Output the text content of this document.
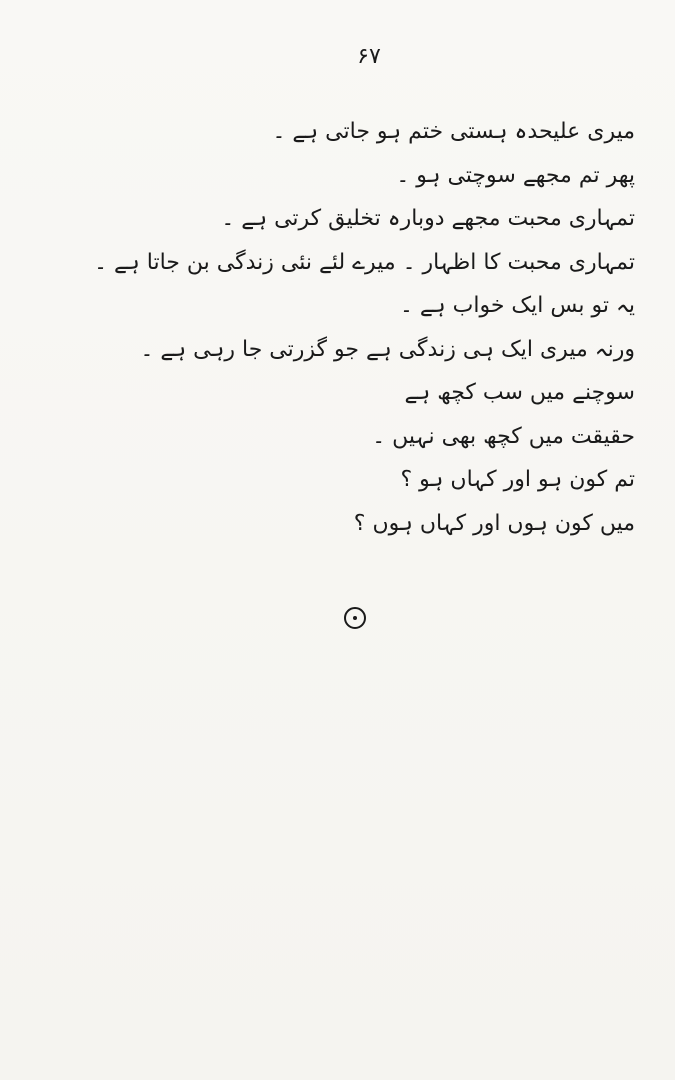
۶۷
میری علیحدہ ہستی ختم ہو جاتی ہے ۔
پھر تم مجھے سوچتی ہو ۔
تمہاری محبت مجھے دوبارہ تخلیق کرتی ہے ۔
تمہاری محبت کا اظہار ۔ میرے لئے نئی زندگی بن جاتا ہے ۔
یہ تو بس ایک خواب ہے ۔
ورنہ میری ایک ہی زندگی ہے جو گزرتی جا رہی ہے ۔
سوچنے میں سب کچھ ہے
حقیقت میں کچھ بھی نہیں ۔
تم کون ہو اور کہاں ہو ؟
میں کون ہوں اور کہاں ہوں ؟
